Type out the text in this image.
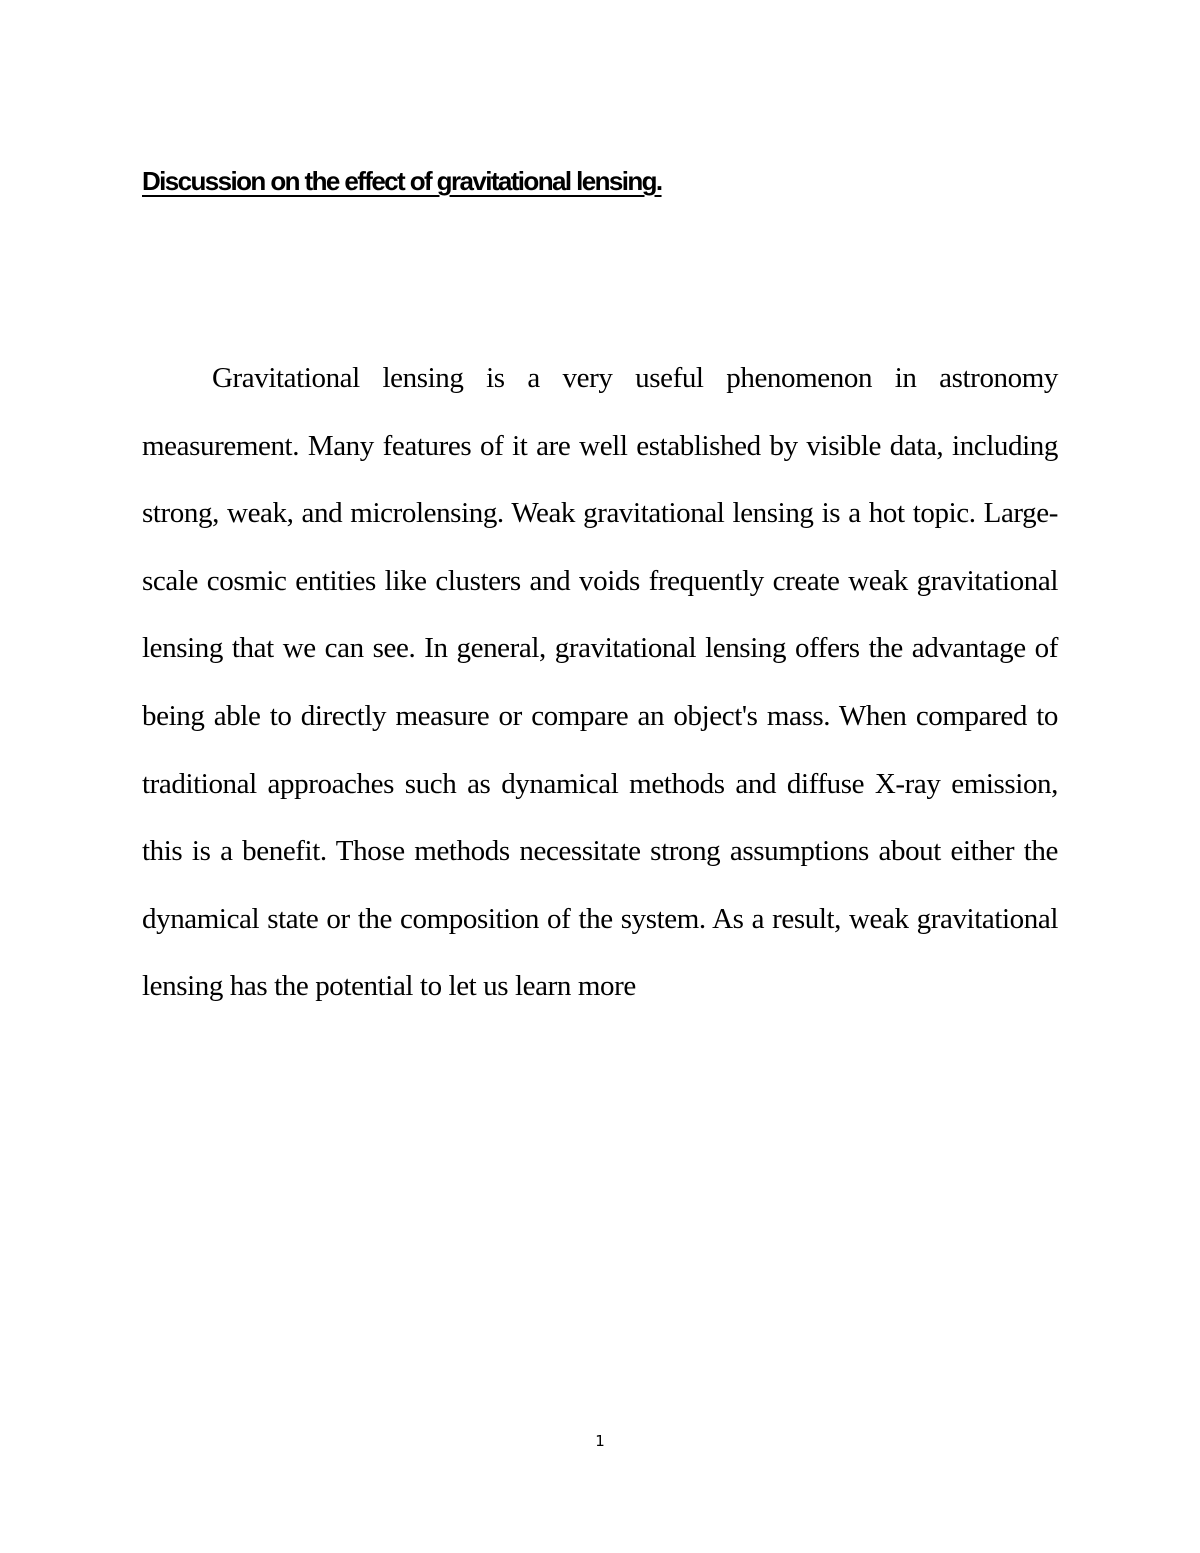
Discussion on the effect of gravitational lensing.

Gravitational lensing is a very useful phenomenon in astronomy measurement. Many features of it are well established by visible data, including strong, weak, and microlensing. Weak gravitational lensing is a hot topic. Large-scale cosmic entities like clusters and voids frequently create weak gravitational lensing that we can see. In general, gravitational lensing offers the advantage of being able to directly measure or compare an object's mass. When compared to traditional approaches such as dynamical methods and diffuse X-ray emission, this is a benefit. Those methods necessitate strong assumptions about either the dynamical state or the composition of the system. As a result, weak gravitational lensing has the potential to let us learn more

1
